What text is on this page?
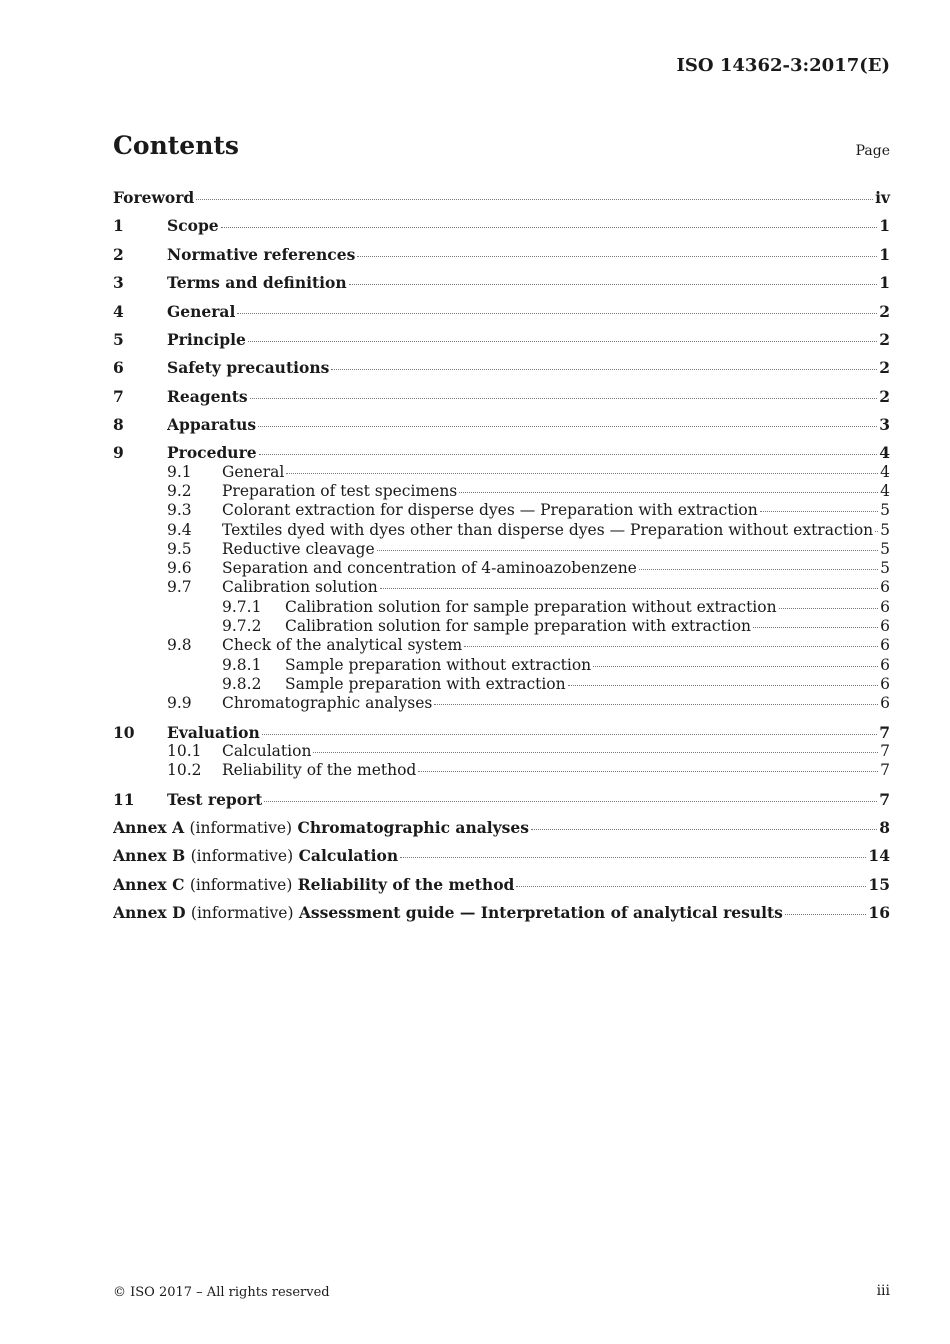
ISO 14362-3:2017(E)
Contents	Page
Foreword	iv
1	Scope	1
2	Normative references	1
3	Terms and definition	1
4	General	2
5	Principle	2
6	Safety precautions	2
7	Reagents	2
8	Apparatus	3
9	Procedure	4
9.1	General	4
9.2	Preparation of test specimens	4
9.3	Colorant extraction for disperse dyes — Preparation with extraction	5
9.4	Textiles dyed with dyes other than disperse dyes — Preparation without extraction 5
9.5	Reductive cleavage	5
9.6	Separation and concentration of 4-aminoazobenzene	5
9.7	Calibration solution	6
9.7.1	Calibration solution for sample preparation without extraction	6
9.7.2	Calibration solution for sample preparation with extraction	6
9.8	Check of the analytical system	6
9.8.1	Sample preparation without extraction	6
9.8.2	Sample preparation with extraction	6
9.9	Chromatographic analyses	6
10	Evaluation	7
10.1	Calculation	7
10.2	Reliability of the method	7
11	Test report	7
Annex A (informative) Chromatographic analyses	8
Annex B (informative) Calculation	14
Annex C (informative) Reliability of the method	15
Annex D (informative) Assessment guide — Interpretation of analytical results	16
© ISO 2017 – All rights reserved	iii
